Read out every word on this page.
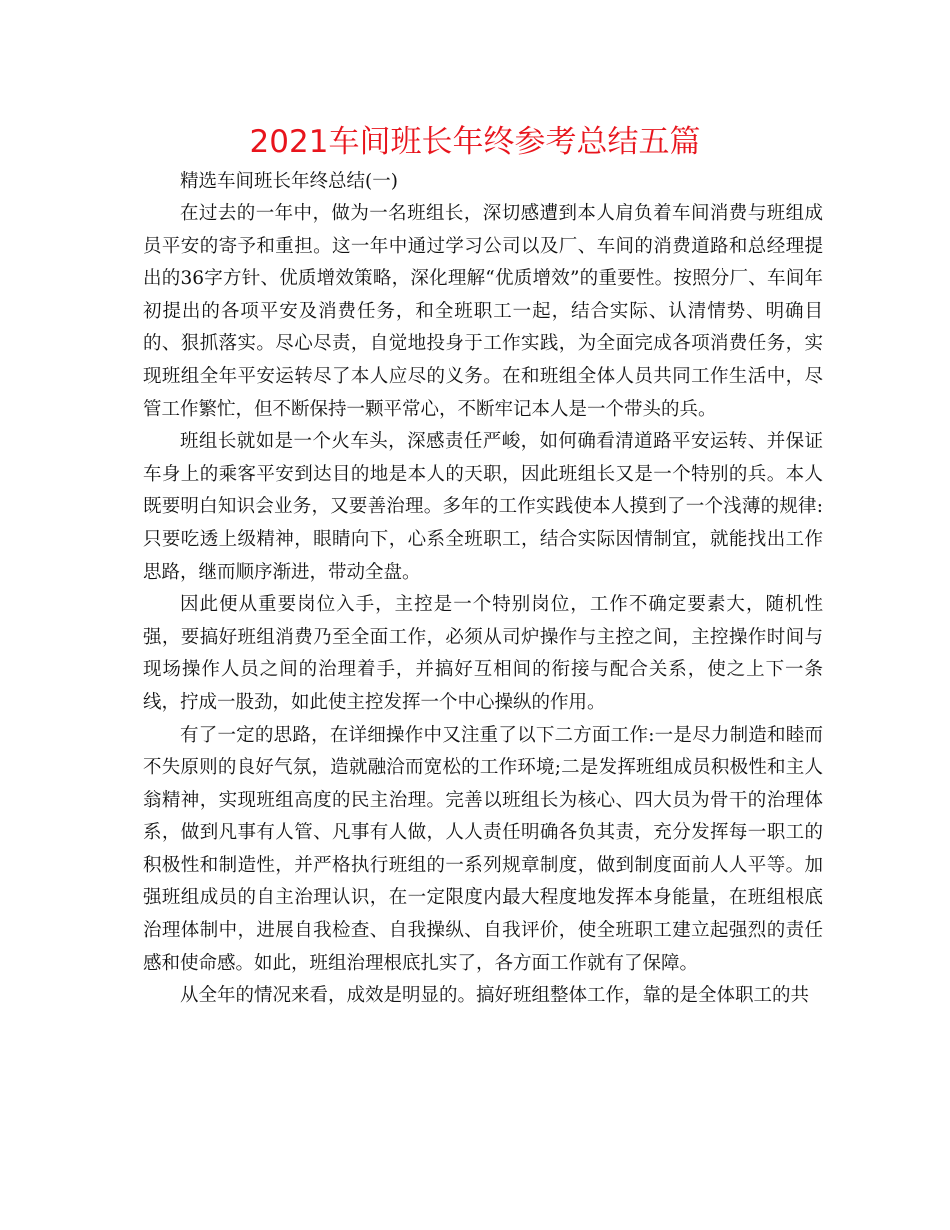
2021车间班长年终参考总结五篇
精选车间班长年终总结(一)

在过去的一年中，做为一名班组长，深切感遭到本人肩负着车间消费与班组成员平安的寄予和重担。这一年中通过学习公司以及厂、车间的消费道路和总经理提出的36字方针、优质增效策略，深化理解“优质增效”的重要性。按照分厂、车间年初提出的各项平安及消费任务，和全班职工一起，结合实际、认清情势、明确目的、狠抓落实。尽心尽责，自觉地投身于工作实践，为全面完成各项消费任务，实现班组全年平安运转尽了本人应尽的义务。在和班组全体人员共同工作生活中，尽管工作繁忙，但不断保持一颗平常心，不断牢记本人是一个带头的兵。

班组长就如是一个火车头，深感责任严峻，如何确看清道路平安运转、并保证车身上的乘客平安到达目的地是本人的天职，因此班组长又是一个特别的兵。本人既要明白知识会业务，又要善治理。多年的工作实践使本人摸到了一个浅薄的规律:只要吃透上级精神，眼睛向下，心系全班职工，结合实际因情制宜，就能找出工作思路，继而顺序渐进，带动全盘。

因此便从重要岗位入手，主控是一个特别岗位，工作不确定要素大，随机性强，要搞好班组消费乃至全面工作，必须从司炉操作与主控之间，主控操作时间与现场操作人员之间的治理着手，并搞好互相间的衔接与配合关系，使之上下一条线，拧成一股劲，如此使主控发挥一个中心操纵的作用。

有了一定的思路，在详细操作中又注重了以下二方面工作:一是尽力制造和睦而不失原则的良好气氛，造就融洽而宽松的工作环境;二是发挥班组成员积极性和主人翁精神，实现班组高度的民主治理。完善以班组长为核心、四大员为骨干的治理体系，做到凡事有人管、凡事有人做，人人责任明确各负其责，充分发挥每一职工的积极性和制造性，并严格执行班组的一系列规章制度，做到制度面前人人平等。加强班组成员的自主治理认识，在一定限度内最大程度地发挥本身能量，在班组根底治理体制中，进展自我检查、自我操纵、自我评价，使全班职工建立起强烈的责任感和使命感。如此，班组治理根底扎实了，各方面工作就有了保障。

从全年的情况来看，成效是明显的。搞好班组整体工作，靠的是全体职工的共
